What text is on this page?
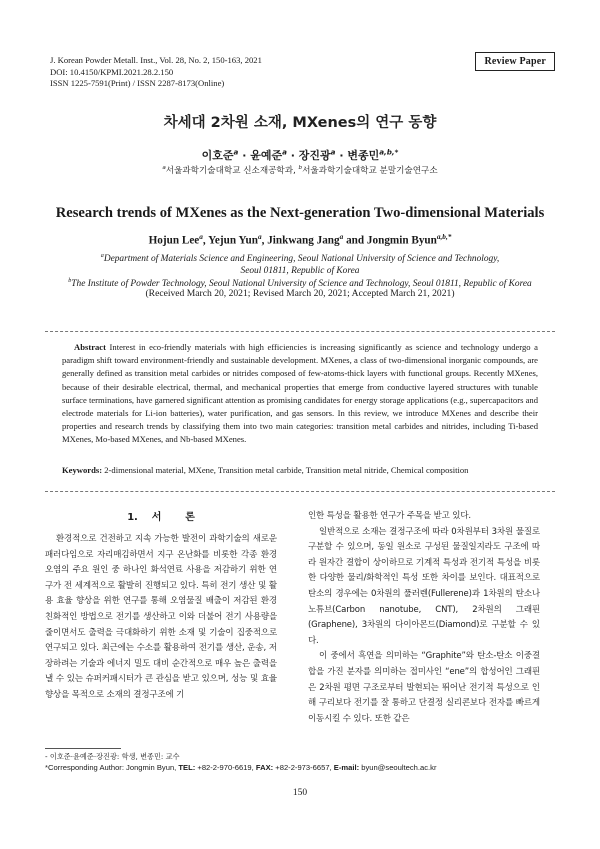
J. Korean Powder Metall. Inst., Vol. 28, No. 2, 150-163, 2021
DOI: 10.4150/KPMI.2021.28.2.150
ISSN 1225-7591(Print) / ISSN 2287-8173(Online)
Review Paper
차세대 2차원 소재, MXenes의 연구 동향
이호준$^a$ · 윤예준$^a$ · 장진광$^a$ · 변종민$^{a,b,*}$
$^a$서울과학기술대학교 신소재공학과, $^b$서울과학기술대학교 분말기술연구소
Research trends of MXenes as the Next-generation Two-dimensional Materials
Hojun Lee$^a$, Yejun Yun$^a$, Jinkwang Jang$^a$ and Jongmin Byun$^{a,b,*}$
$^a$Department of Materials Science and Engineering, Seoul National University of Science and Technology,
Seoul 01811, Republic of Korea
$^b$The Institute of Powder Technology, Seoul National University of Science and Technology, Seoul 01811, Republic of Korea
(Received March 20, 2021; Revised March 20, 2021; Accepted March 21, 2021)
Abstract Interest in eco-friendly materials with high efficiencies is increasing significantly as science and technology undergo a paradigm shift toward environment-friendly and sustainable development. MXenes, a class of two-dimensional inorganic compounds, are generally defined as transition metal carbides or nitrides composed of few-atoms-thick layers with functional groups. Recently MXenes, because of their desirable electrical, thermal, and mechanical properties that emerge from conductive layered structures with tunable surface terminations, have garnered significant attention as promising candidates for energy storage applications (e.g., supercapacitors and electrode materials for Li-ion batteries), water purification, and gas sensors. In this review, we introduce MXenes and describe their properties and research trends by classifying them into two main categories: transition metal carbides and nitrides, including Ti-based MXenes, Mo-based MXenes, and Nb-based MXenes.
Keywords: 2-dimensional material, MXene, Transition metal carbide, Transition metal nitride, Chemical composition
1. 서 론

환경적으로 건전하고 지속 가능한 발전이 과학기술의 새로운 패러다임으로 자리매김하면서 지구 온난화를 비롯한 각종 환경오염의 주요 원인 중 하나인 화석연료 사용을 저감하기 위한 연구가 전 세계적으로 활발히 진행되고 있다. 특히 전기 생산 및 활용 효율 향상을 위한 연구를 통해 오염물질 배출이 저감된 환경 친화적인 방법으로 전기를 생산하고 이와 더불어 전기 사용량을 줄이면서도 출력을 극대화하기 위한 소재 및 기술이 집중적으로 연구되고 있다. 최근에는 수소를 활용하여 전기를 생산, 운송, 저장하려는 기술과 에너지 밀도 대비 순간적으로 매우 높은 출력을 낼 수 있는 슈퍼커패시터가 큰 관심을 받고 있으며, 성능 및 효율 향상을 목적으로 소재의 결정구조에 기

인한 특성을 활용한 연구가 주목을 받고 있다.

일반적으로 소재는 결정구조에 따라 0차원부터 3차원 물질로 구분할 수 있으며, 동일 원소로 구성된 물질일지라도 구조에 따라 원자간 결합이 상이하므로 기계적 특성과 전기적 특성을 비롯한 다양한 물리/화학적인 특성 또한 차이를 보인다. 대표적으로 탄소의 경우에는 0차원의 풀러렌(Fullerene)과 1차원의 탄소나노튜브(Carbon nanotube, CNT), 2차원의 그래핀(Graphene), 3차원의 다이아몬드(Diamond)로 구분할 수 있다.

이 중에서 흑연을 의미하는 “Graphite”와 탄소-탄소 이중결합을 가진 분자를 의미하는 접미사인 “ene”의 합성어인 그래핀은 2차원 평면 구조로부터 발현되는 뛰어난 전기적 특성으로 인해 구리보다 전기를 잘 통하고 단결정 실리콘보다 전자를 빠르게 이동시킬 수 있다. 또한 같은

- 이호준·윤예준·장진광: 학생, 변종민: 교수
*Corresponding Author: Jongmin Byun, TEL: +82-2-970-6619, FAX: +82-2-973-6657, E-mail: byun@seoultech.ac.kr
150
